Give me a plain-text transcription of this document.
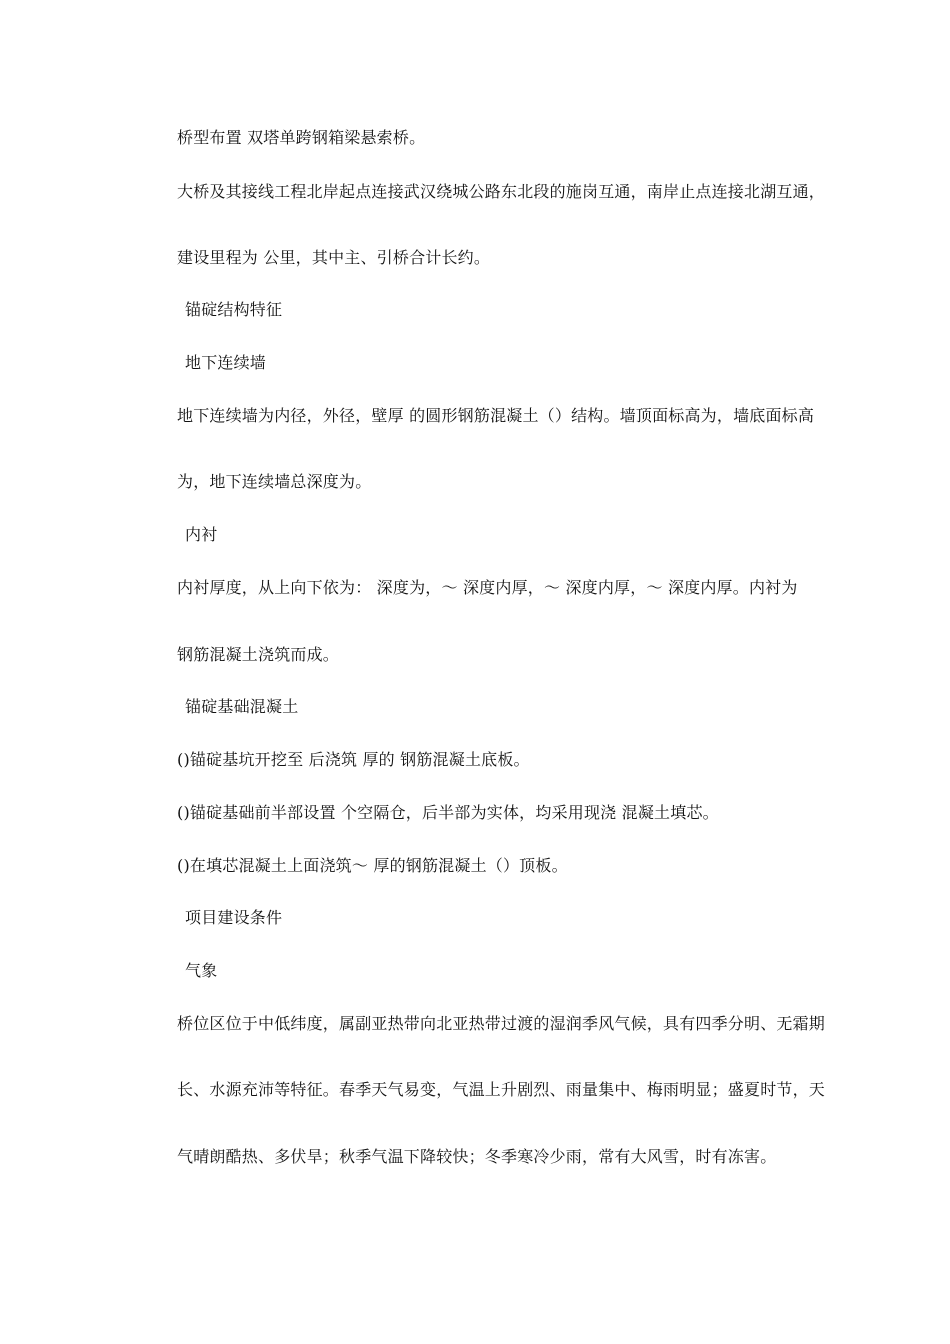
桥型布置 双塔单跨钢箱梁悬索桥。
大桥及其接线工程北岸起点连接武汉绕城公路东北段的施岗互通，南岸止点连接北湖互通，
建设里程为 公里，其中主、引桥合计长约。
锚碇结构特征
地下连续墙
地下连续墙为内径，外径，壁厚 的圆形钢筋混凝土（）结构。墙顶面标高为，墙底面标高
为，地下连续墙总深度为。
内衬
内衬厚度，从上向下依为： 深度为，～ 深度内厚，～ 深度内厚，～ 深度内厚。内衬为
钢筋混凝土浇筑而成。
锚碇基础混凝土
()锚碇基坑开挖至 后浇筑 厚的 钢筋混凝土底板。
()锚碇基础前半部设置 个空隔仓，后半部为实体，均采用现浇 混凝土填芯。
()在填芯混凝土上面浇筑～ 厚的钢筋混凝土（）顶板。
项目建设条件
气象
桥位区位于中低纬度，属副亚热带向北亚热带过渡的湿润季风气候，具有四季分明、无霜期
长、水源充沛等特征。春季天气易变，气温上升剧烈、雨量集中、梅雨明显；盛夏时节，天
气晴朗酷热、多伏旱；秋季气温下降较快；冬季寒冷少雨，常有大风雪，时有冻害。
